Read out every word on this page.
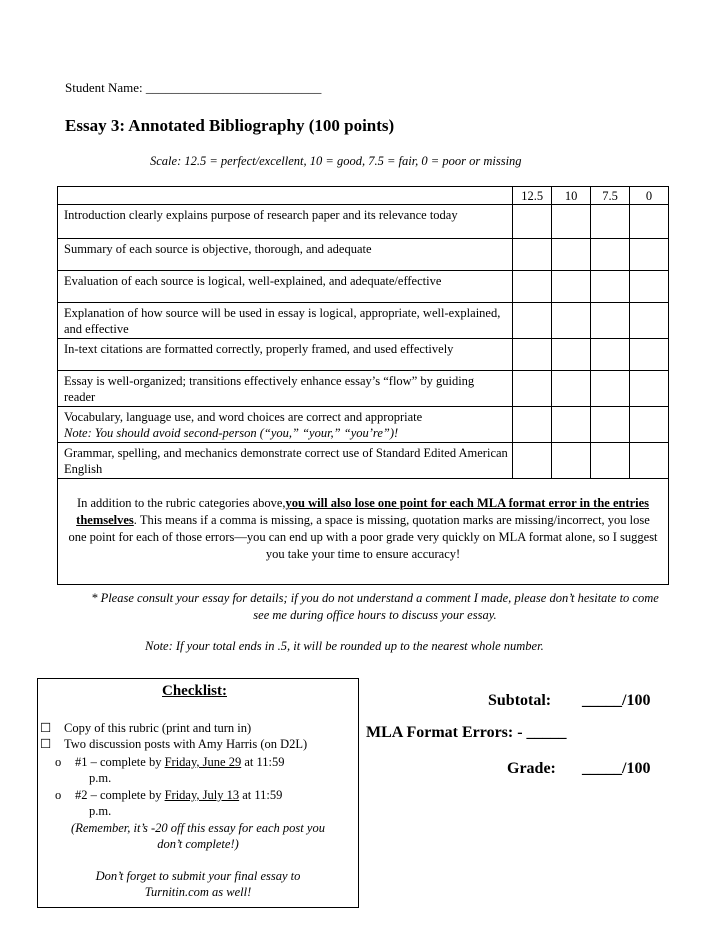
Student Name: ___________________________
Essay 3: Annotated Bibliography (100 points)
Scale: 12.5 = perfect/excellent, 10 = good, 7.5 = fair, 0 = poor or missing
	12.5	10	7.5	0
Introduction clearly explains purpose of research paper and its relevance today				
Summary of each source is objective, thorough, and adequate				
Evaluation of each source is logical, well-explained, and adequate/effective				
Explanation of how source will be used in essay is logical, appropriate, well-explained, and effective				
In-text citations are formatted correctly, properly framed, and used effectively				
Essay is well-organized; transitions effectively enhance essay’s “flow” by guiding reader				

Vocabulary, language use, and word choices are correct and appropriate
Note: You should avoid second-person (“you,” “your,” “you’re”)!				

Grammar, spelling, and mechanics demonstrate correct use of Standard Edited American English				
In addition to the rubric categories above,you will also lose one point for each MLA format error in the entries themselves. This means if a comma is missing, a space is missing, quotation marks are missing/incorrect, you lose one point for each of those errors—you can end up with a poor grade very quickly on MLA format alone, so I suggest you take your time to ensure accuracy!				
* Please consult your essay for details; if you do not understand a comment I made, please don’t hesitate to come see me during office hours to discuss your essay.
Note: If your total ends in .5, it will be rounded up to the nearest whole number.
Checklist:
☐ Copy of this rubric (print and turn in)
☐ Two discussion posts with Amy Harris (on D2L)
o #1 – complete by Friday, June 29 at 11:59
p.m.
o #2 – complete by Friday, July 13 at 11:59
p.m.
(Remember, it’s -20 off this essay for each post you
don’t complete!)
Don’t forget to submit your final essay to
Turnitin.com as well!
Subtotal: _____/100
MLA Format Errors: - _____
Grade: _____/100
